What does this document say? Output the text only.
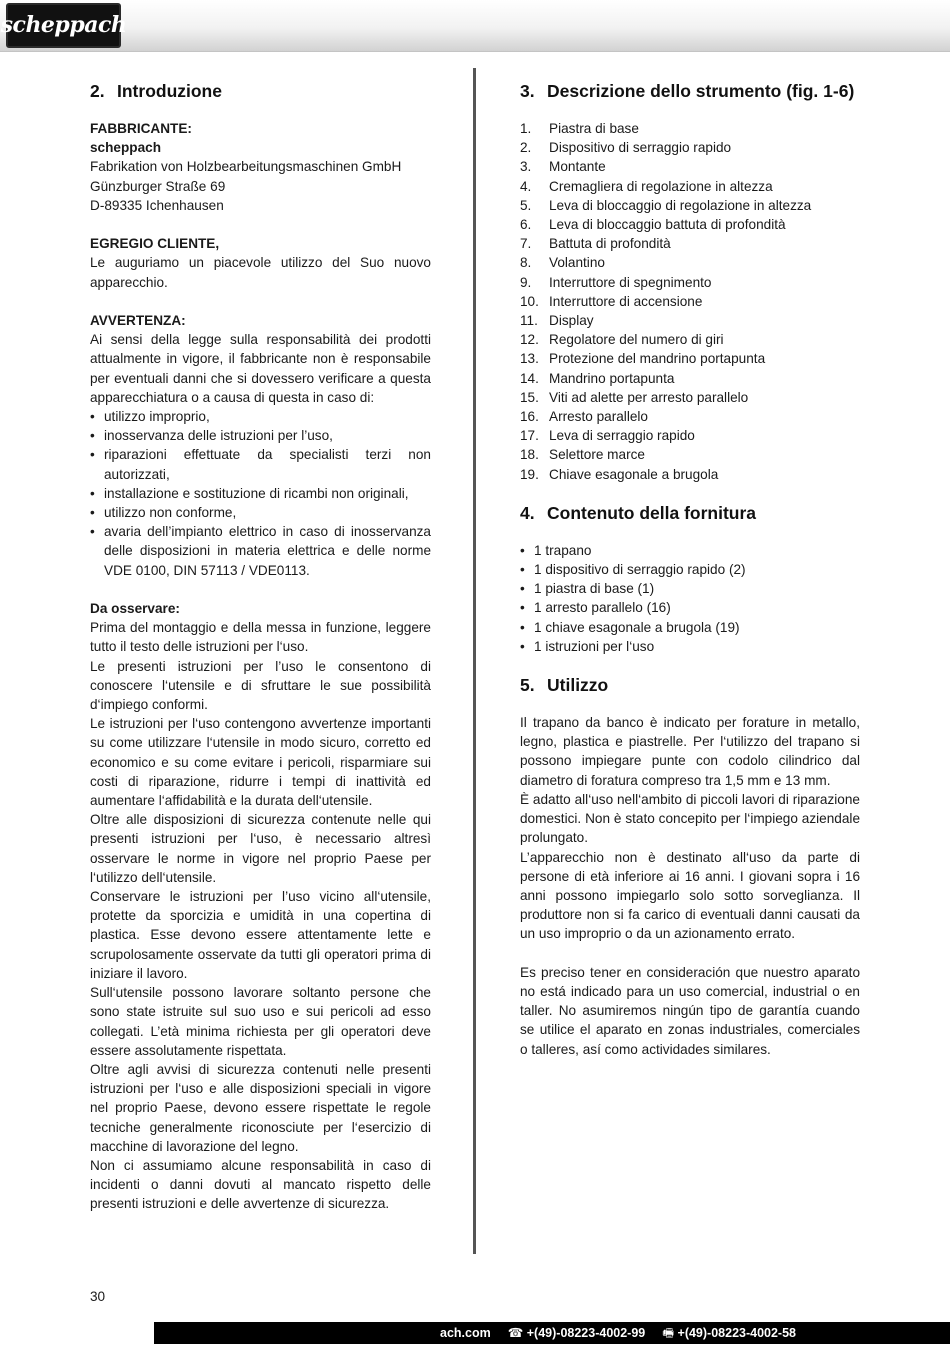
scheppach
2. Introduzione
FABBRICANTE:
scheppach
Fabrikation von Holzbearbeitungsmaschinen GmbH
Günzburger Straße 69
D-89335 Ichenhausen
EGREGIO CLIENTE,

Le auguriamo un piacevole utilizzo del Suo nuovo apparecchio.

AVVERTENZA:

Ai sensi della legge sulla responsabilità dei prodotti attualmente in vigore, il fabbricante non è responsabile per eventuali danni che si dovessero verificare a questa apparecchiatura o a causa di questa in caso di:

• utilizzo improprio,
• inosservanza delle istruzioni per l’uso,
• riparazioni effettuate da specialisti terzi non autorizzati,
• installazione e sostituzione di ricambi non originali,
• utilizzo non conforme,
• avaria dell’impianto elettrico in caso di inosservanza delle disposizioni in materia elettrica e delle norme VDE 0100, DIN 57113 / VDE0113.
Da osservare:

Prima del montaggio e della messa in funzione, leggere tutto il testo delle istruzioni per l‘uso.

Le presenti istruzioni per l’uso le consentono di conoscere l‘utensile e di sfruttare le sue possibilità d‘impiego conformi.

Le istruzioni per l‘uso contengono avvertenze importanti su come utilizzare l‘utensile in modo sicuro, corretto ed economico e su come evitare i pericoli, risparmiare sui costi di riparazione, ridurre i tempi di inattività ed aumentare l‘affidabilità e la durata dell‘utensile.

Oltre alle disposizioni di sicurezza contenute nelle qui presenti istruzioni per l‘uso, è necessario altresì osservare le norme in vigore nel proprio Paese per l‘utilizzo dell‘utensile.

Conservare le istruzioni per l’uso vicino all‘utensile, protette da sporcizia e umidità in una copertina di plastica. Esse devono essere attentamente lette e scrupolosamente osservate da tutti gli operatori prima di iniziare il lavoro.

Sull‘utensile possono lavorare soltanto persone che sono state istruite sul suo uso e sui pericoli ad esso collegati. L’età minima richiesta per gli operatori deve essere assolutamente rispettata.

Oltre agli avvisi di sicurezza contenuti nelle presenti istruzioni per l‘uso e alle disposizioni speciali in vigore nel proprio Paese, devono essere rispettate le regole tecniche generalmente riconosciute per l‘esercizio di macchine di lavorazione del legno.

Non ci assumiamo alcune responsabilità in caso di incidenti o danni dovuti al mancato rispetto delle presenti istruzioni e delle avvertenze di sicurezza.

3. Descrizione dello strumento (fig. 1-6)
1. Piastra di base
2. Dispositivo di serraggio rapido
3. Montante
4. Cremagliera di regolazione in altezza
5. Leva di bloccaggio di regolazione in altezza
6. Leva di bloccaggio battuta di profondità
7. Battuta di profondità
8. Volantino
9. Interruttore di spegnimento
10. Interruttore di accensione
11. Display
12. Regolatore del numero di giri
13. Protezione del mandrino portapunta
14. Mandrino portapunta
15. Viti ad alette per arresto parallelo
16. Arresto parallelo
17. Leva di serraggio rapido
18. Selettore marce
19. Chiave esagonale a brugola
4. Contenuto della fornitura
• 1 trapano
• 1 dispositivo di serraggio rapido (2)
• 1 piastra di base (1)
• 1 arresto parallelo (16)
• 1 chiave esagonale a brugola (19)
• 1 istruzioni per l‘uso
5. Utilizzo

Il trapano da banco è indicato per forature in metallo, legno, plastica e piastrelle. Per l‘utilizzo del trapano si possono impiegare punte con codolo cilindrico dal diametro di foratura compreso tra 1,5 mm e 13 mm.

È adatto all‘uso nell‘ambito di piccoli lavori di riparazione domestici. Non è stato concepito per l‘impiego aziendale prolungato.

L’apparecchio non è destinato all‘uso da parte di persone di età inferiore ai 16 anni. I giovani sopra i 16 anni possono impiegarlo solo sotto sorveglianza. Il produttore non si fa carico di eventuali danni causati da un uso improprio o da un azionamento errato.

Es preciso tener en consideración que nuestro aparato no está indicado para un uso comercial, industrial o en taller. No asumiremos ningún tipo de garantía cuando se utilice el aparato en zonas industriales, comerciales o talleres, así como actividades similares.

30
ach.com ☎ +(49)-08223-4002-99 🖷 +(49)-08223-4002-58
